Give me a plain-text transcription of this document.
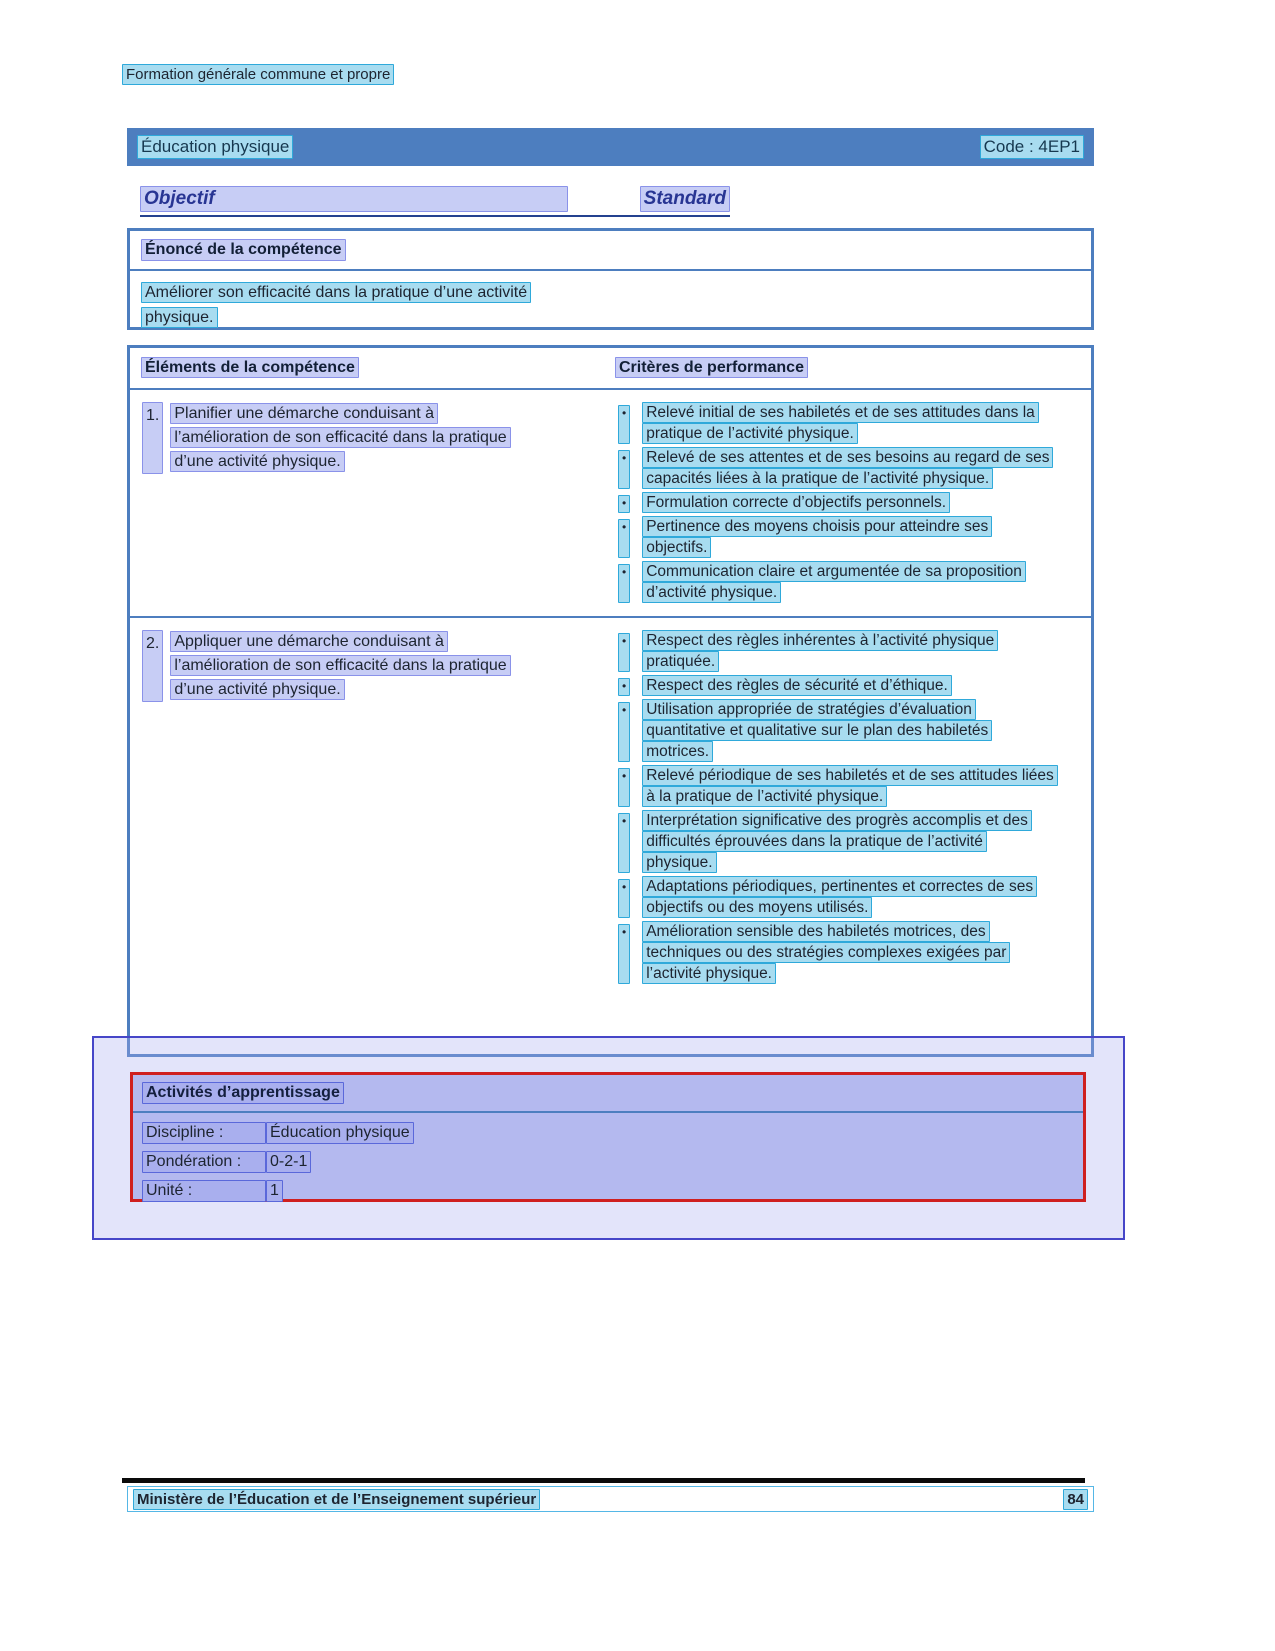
Formation générale commune et propre
Éducation physique	Code : 4EP1
Objectif	Standard
Énoncé de la compétence
Améliorer son efficacité dans la pratique d’une activité physique.
Éléments de la compétence	Critères de performance
1. Planifier une démarche conduisant à l’amélioration de son efficacité dans la pratique d’une activité physique.
• Relevé initial de ses habiletés et de ses attitudes dans la pratique de l’activité physique.
• Relevé de ses attentes et de ses besoins au regard de ses capacités liées à la pratique de l’activité physique.
• Formulation correcte d’objectifs personnels.
• Pertinence des moyens choisis pour atteindre ses objectifs.
• Communication claire et argumentée de sa proposition d’activité physique.
2. Appliquer une démarche conduisant à l’amélioration de son efficacité dans la pratique d’une activité physique.
• Respect des règles inhérentes à l’activité physique pratiquée.
• Respect des règles de sécurité et d’éthique.
• Utilisation appropriée de stratégies d’évaluation quantitative et qualitative sur le plan des habiletés motrices.
• Relevé périodique de ses habiletés et de ses attitudes liées à la pratique de l’activité physique.
• Interprétation significative des progrès accomplis et des difficultés éprouvées dans la pratique de l’activité physique.
• Adaptations périodiques, pertinentes et correctes de ses objectifs ou des moyens utilisés.
• Amélioration sensible des habiletés motrices, des techniques ou des stratégies complexes exigées par l’activité physique.
Activités d’apprentissage
Discipline :	Éducation physique
Pondération :	0-2-1
Unité :	1
Ministère de l’Éducation et de l’Enseignement supérieur	84
